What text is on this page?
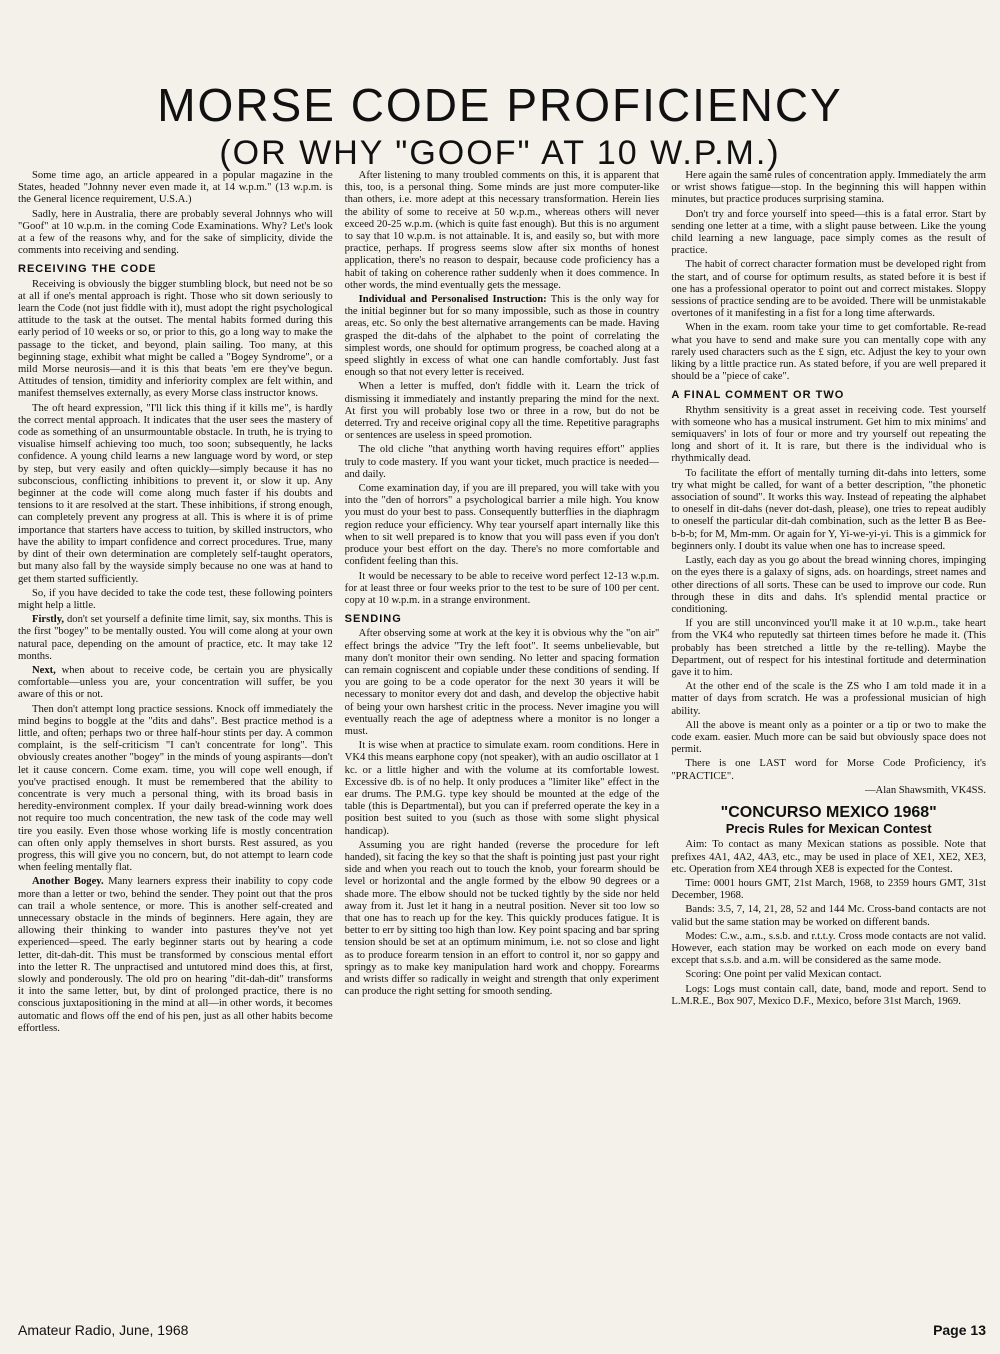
MORSE CODE PROFICIENCY
(OR WHY "GOOF" AT 10 W.P.M.)

Some time ago, an article appeared in a popular magazine in the States, headed "Johnny never even made it, at 14 w.p.m." (13 w.p.m. is the General licence requirement, U.S.A.)

Sadly, here in Australia, there are probably several Johnnys who will "Goof" at 10 w.p.m. in the coming Code Examinations. Why? Let's look at a few of the reasons why, and for the sake of simplicity, divide the comments into receiving and sending.

RECEIVING THE CODE

Receiving is obviously the bigger stumbling block, but need not be so at all if one's mental approach is right. Those who sit down seriously to learn the Code (not just fiddle with it), must adopt the right psychological attitude to the task at the outset. The mental habits formed during this early period of 10 weeks or so, or prior to this, go a long way to make the passage to the ticket, and beyond, plain sailing. Too many, at this beginning stage, exhibit what might be called a "Bogey Syndrome", or a mild Morse neurosis—and it is this that beats 'em ere they've begun. Attitudes of tension, timidity and inferiority complex are felt within, and manifest themselves externally, as every Morse class instructor knows.

The oft heard expression, "I'll lick this thing if it kills me", is hardly the correct mental approach. It indicates that the user sees the mastery of code as something of an unsurmountable obstacle. In truth, he is trying to visualise himself achieving too much, too soon; subsequently, he lacks confidence. A young child learns a new language word by word, or step by step, but very easily and often quickly—simply because it has no subconscious, conflicting inhibitions to prevent it, or slow it up. Any beginner at the code will come along much faster if his doubts and tensions to it are resolved at the start. These inhibitions, if strong enough, can completely prevent any progress at all. This is where it is of prime importance that starters have access to tuition, by skilled instructors, who have the ability to impart confidence and correct procedures. True, many by dint of their own determination are completely self-taught operators, but many also fall by the wayside simply because no one was at hand to get them started sufficiently.

So, if you have decided to take the code test, these following pointers might help a little.

Firstly, don't set yourself a definite time limit, say, six months. This is the first "bogey" to be mentally ousted. You will come along at your own natural pace, depending on the amount of practice, etc. It may take 12 months.

Next, when about to receive code, be certain you are physically comfortable—unless you are, your concentration will suffer, be you aware of this or not.

Then don't attempt long practice sessions. Knock off immediately the mind begins to boggle at the "dits and dahs". Best practice method is a little, and often; perhaps two or three half-hour stints per day. A common complaint, is the self-criticism "I can't concentrate for long". This obviously creates another "bogey" in the minds of young aspirants—don't let it cause concern. Come exam. time, you will cope well enough, if you've practised enough. It must be remembered that the ability to concentrate is very much a personal thing, with its broad basis in heredity-environment complex. If your daily bread-winning work does not require too much concentration, the new task of the code may well tire you easily. Even those whose working life is mostly concentration can often only apply themselves in short bursts. Rest assured, as you progress, this will give you no concern, but, do not attempt to learn code when feeling mentally flat.

Another Bogey. Many learners express their inability to copy code more than a letter or two, behind the sender. They point out that the pros can trail a whole sentence, or more. This is another self-created and unnecessary obstacle in the minds of beginners. Here again, they are allowing their thinking to wander into pastures they've not yet experienced—speed. The early beginner starts out by hearing a code letter, dit-dah-dit. This must be transformed by conscious mental effort into the letter R. The unpractised and untutored mind does this, at first, slowly and ponderously. The old pro on hearing "dit-dah-dit" transforms it into the same letter, but, by dint of prolonged practice, there is no conscious juxtapositioning in the mind at all—in other words, it becomes automatic and flows off the end of his pen, just as all other habits become effortless.

After listening to many troubled comments on this, it is apparent that this, too, is a personal thing. Some minds are just more computer-like than others, i.e. more adept at this necessary transformation. Herein lies the ability of some to receive at 50 w.p.m., whereas others will never exceed 20-25 w.p.m. (which is quite fast enough). But this is no argument to say that 10 w.p.m. is not attainable. It is, and easily so, but with more practice, perhaps. If progress seems slow after six months of honest application, there's no reason to despair, because code proficiency has a habit of taking on coherence rather suddenly when it does commence. In other words, the mind eventually gets the message.

Individual and Personalised Instruction: This is the only way for the initial beginner but for so many impossible, such as those in country areas, etc. So only the best alternative arrangements can be made. Having grasped the dit-dahs of the alphabet to the point of correlating the simplest words, one should for optimum progress, be coached along at a speed slightly in excess of what one can handle comfortably. Just fast enough so that not every letter is received.

When a letter is muffed, don't fiddle with it. Learn the trick of dismissing it immediately and instantly preparing the mind for the next. At first you will probably lose two or three in a row, but do not be deterred. Try and receive original copy all the time. Repetitive paragraphs or sentences are useless in speed promotion.

The old cliche "that anything worth having requires effort" applies truly to code mastery. If you want your ticket, much practice is needed—and daily.

Come examination day, if you are ill prepared, you will take with you into the "den of horrors" a psychological barrier a mile high. You know you must do your best to pass. Consequently butterflies in the diaphragm region reduce your efficiency. Why tear yourself apart internally like this when to sit well prepared is to know that you will pass even if you don't produce your best effort on the day. There's no more comfortable and confident feeling than this.

It would be necessary to be able to receive word perfect 12-13 w.p.m. for at least three or four weeks prior to the test to be sure of 100 per cent. copy at 10 w.p.m. in a strange environment.

SENDING

After observing some at work at the key it is obvious why the "on air" effect brings the advice "Try the left foot". It seems unbelievable, but many don't monitor their own sending. No letter and spacing formation can remain cogniscent and copiable under these conditions of sending. If you are going to be a code operator for the next 30 years it will be necessary to monitor every dot and dash, and develop the objective habit of being your own harshest critic in the process. Never imagine you will eventually reach the age of adeptness where a monitor is no longer a must.

It is wise when at practice to simulate exam. room conditions. Here in VK4 this means earphone copy (not speaker), with an audio oscillator at 1 kc. or a little higher and with the volume at its comfortable lowest. Excessive db. is of no help. It only produces a "limiter like" effect in the ear drums. The P.M.G. type key should be mounted at the edge of the table (this is Departmental), but you can if preferred operate the key in a position best suited to you (such as those with some slight physical handicap).

Assuming you are right handed (reverse the procedure for left handed), sit facing the key so that the shaft is pointing just past your right side and when you reach out to touch the knob, your forearm should be level or horizontal and the angle formed by the elbow 90 degrees or a shade more. The elbow should not be tucked tightly by the side nor held away from it. Just let it hang in a neutral position. Never sit too low so that one has to reach up for the key. This quickly produces fatigue. It is better to err by sitting too high than low. Key point spacing and bar spring tension should be set at an optimum minimum, i.e. not so close and light as to produce forearm tension in an effort to control it, nor so gappy and springy as to make key manipulation hard work and choppy. Forearms and wrists differ so radically in weight and strength that only experiment can produce the right setting for smooth sending.

Here again the same rules of concentration apply. Immediately the arm or wrist shows fatigue—stop. In the beginning this will happen within minutes, but practice produces surprising stamina.

Don't try and force yourself into speed—this is a fatal error. Start by sending one letter at a time, with a slight pause between. Like the young child learning a new language, pace simply comes as the result of practice.

The habit of correct character formation must be developed right from the start, and of course for optimum results, as stated before it is best if one has a professional operator to point out and correct mistakes. Sloppy sessions of practice sending are to be avoided. There will be unmistakable overtones of it manifesting in a fist for a long time afterwards.

When in the exam. room take your time to get comfortable. Re-read what you have to send and make sure you can mentally cope with any rarely used characters such as the £ sign, etc. Adjust the key to your own liking by a little practice run. As stated before, if you are well prepared it should be a "piece of cake".

A FINAL COMMENT OR TWO

Rhythm sensitivity is a great asset in receiving code. Test yourself with someone who has a musical instrument. Get him to mix minims' and semiquavers' in lots of four or more and try yourself out repeating the long and short of it. It is rare, but there is the individual who is rhythmically dead.

To facilitate the effort of mentally turning dit-dahs into letters, some try what might be called, for want of a better description, "the phonetic association of sound". It works this way. Instead of repeating the alphabet to oneself in dit-dahs (never dot-dash, please), one tries to repeat audibly to oneself the particular dit-dah combination, such as the letter B as Bee-b-b-b; for M, Mm-mm. Or again for Y, Yi-we-yi-yi. This is a gimmick for beginners only. I doubt its value when one has to increase speed.

Lastly, each day as you go about the bread winning chores, impinging on the eyes there is a galaxy of signs, ads. on hoardings, street names and other directions of all sorts. These can be used to improve our code. Run through these in dits and dahs. It's splendid mental practice or conditioning.

If you are still unconvinced you'll make it at 10 w.p.m., take heart from the VK4 who reputedly sat thirteen times before he made it. (This probably has been stretched a little by the re-telling). Maybe the Department, out of respect for his intestinal fortitude and determination gave it to him.

At the other end of the scale is the ZS who I am told made it in a matter of days from scratch. He was a professional musician of high ability.

All the above is meant only as a pointer or a tip or two to make the code exam. easier. Much more can be said but obviously space does not permit.

There is one LAST word for Morse Code Proficiency, it's "PRACTICE".

—Alan Shawsmith, VK4SS.
"CONCURSO MEXICO 1968"
Precis Rules for Mexican Contest

Aim: To contact as many Mexican stations as possible. Note that prefixes 4A1, 4A2, 4A3, etc., may be used in place of XE1, XE2, XE3, etc. Operation from XE4 through XE8 is expected for the Contest.

Time: 0001 hours GMT, 21st March, 1968, to 2359 hours GMT, 31st December, 1968.

Bands: 3.5, 7, 14, 21, 28, 52 and 144 Mc. Cross-band contacts are not valid but the same station may be worked on different bands.

Modes: C.w., a.m., s.s.b. and r.t.t.y. Cross mode contacts are not valid. However, each station may be worked on each mode on every band except that s.s.b. and a.m. will be considered as the same mode.

Scoring: One point per valid Mexican contact.

Logs: Logs must contain call, date, band, mode and report. Send to L.M.R.E., Box 907, Mexico D.F., Mexico, before 31st March, 1969.

Amateur Radio, June, 1968	Page 13
